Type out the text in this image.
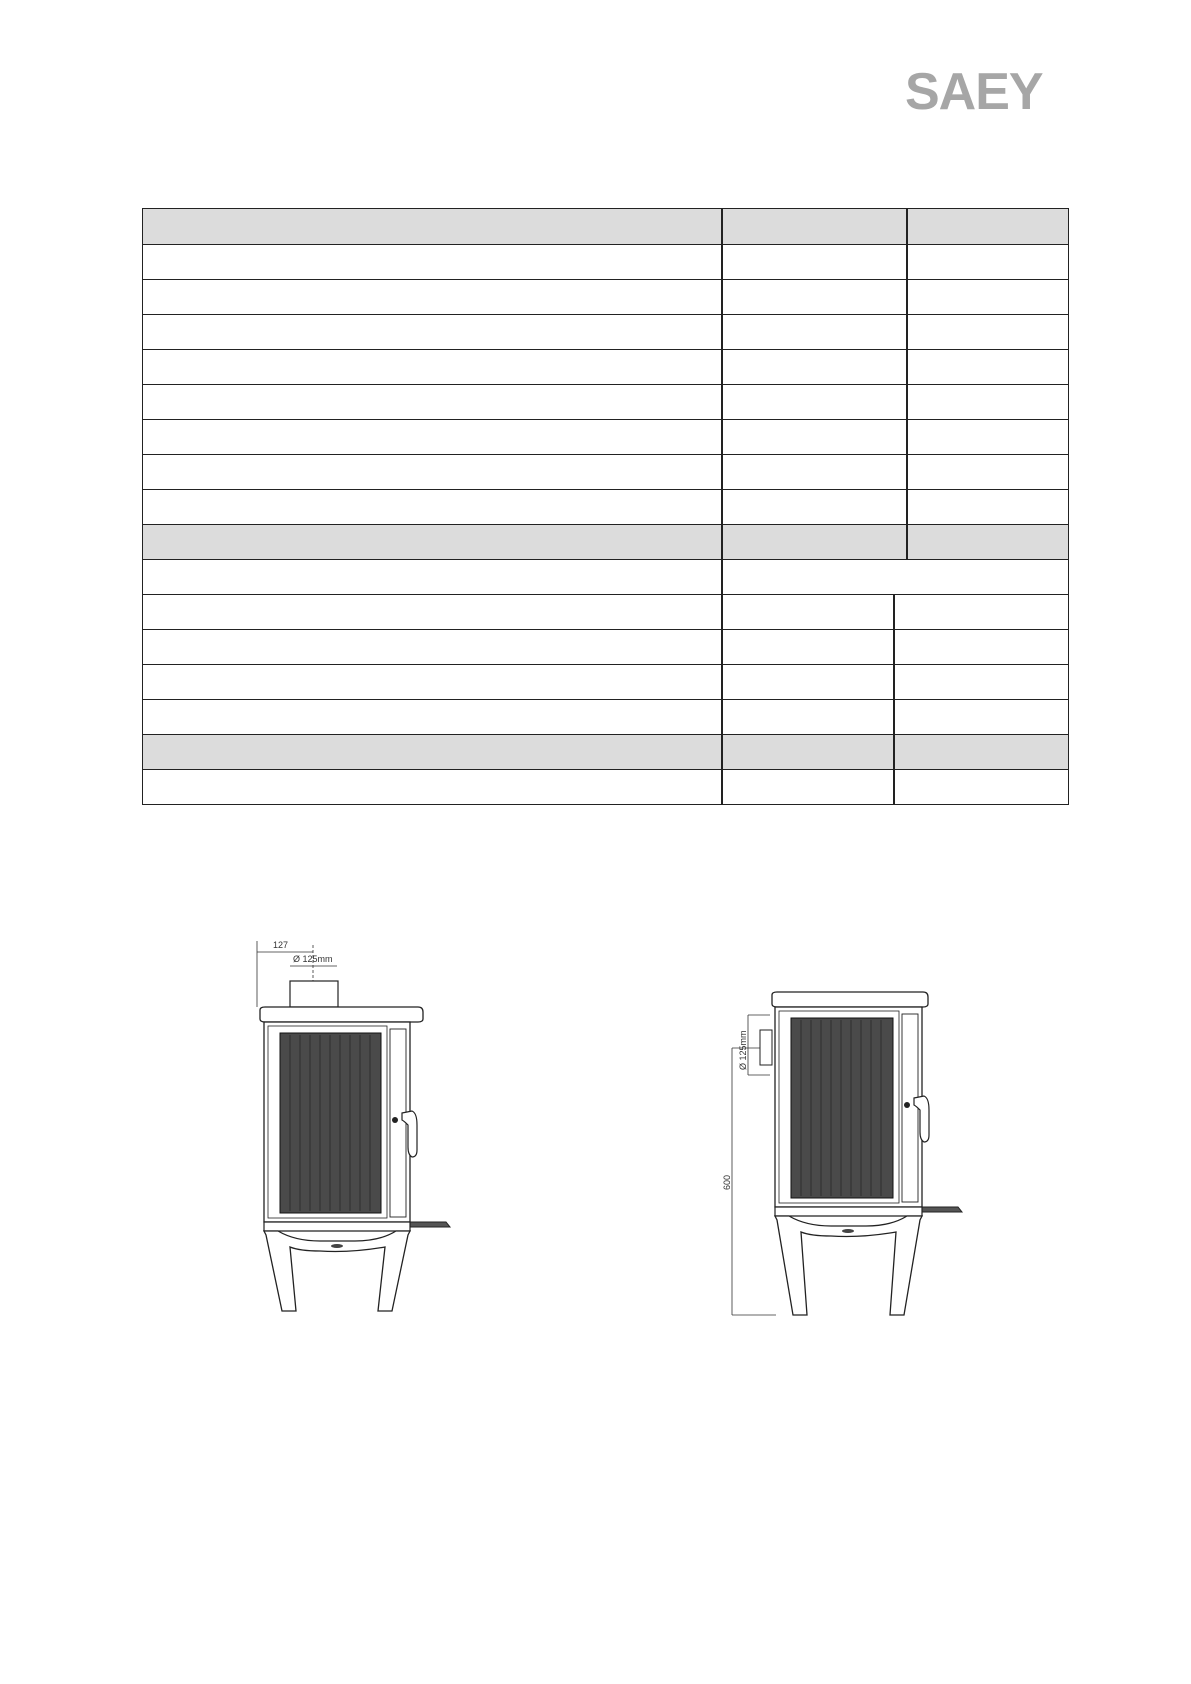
SAEY
127
Ø 125mm
600
Ø 125mm
